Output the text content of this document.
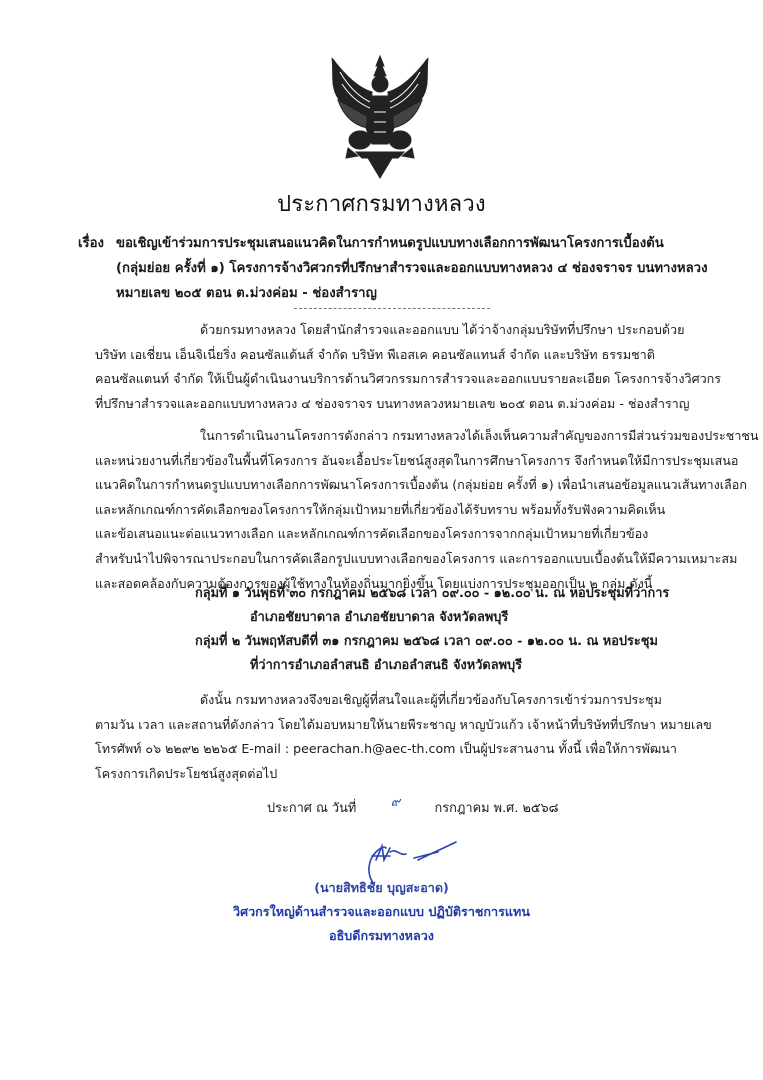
ประกาศกรมทางหลวง
เรื่อง ขอเชิญเข้าร่วมการประชุมเสนอแนวคิดในการกำหนดรูปแบบทางเลือกการพัฒนาโครงการเบื้องต้น
(กลุ่มย่อย ครั้งที่ ๑) โครงการจ้างวิศวกรที่ปรึกษาสำรวจและออกแบบทางหลวง ๔ ช่องจราจร บนทางหลวง
หมายเลข ๒๐๕ ตอน ต.ม่วงค่อม - ช่องสำราญ
ด้วยกรมทางหลวง โดยสำนักสำรวจและออกแบบ ได้ว่าจ้างกลุ่มบริษัทที่ปรึกษา ประกอบด้วย
บริษัท เอเชี่ยน เอ็นจิเนี่ยริ่ง คอนซัลแต้นส์ จำกัด บริษัท พีเอสเค คอนซัลแทนส์ จำกัด และบริษัท ธรรมชาติ
คอนซัลแตนท์ จำกัด ให้เป็นผู้ดำเนินงานบริการด้านวิศวกรรมการสำรวจและออกแบบรายละเอียด โครงการจ้างวิศวกร
ที่ปรึกษาสำรวจและออกแบบทางหลวง ๔ ช่องจราจร บนทางหลวงหมายเลข ๒๐๕ ตอน ต.ม่วงค่อม - ช่องสำราญ
ในการดำเนินงานโครงการดังกล่าว กรมทางหลวงได้เล็งเห็นความสำคัญของการมีส่วนร่วมของประชาชน
และหน่วยงานที่เกี่ยวข้องในพื้นที่โครงการ อันจะเอื้อประโยชน์สูงสุดในการศึกษาโครงการ จึงกำหนดให้มีการประชุมเสนอ
แนวคิดในการกำหนดรูปแบบทางเลือกการพัฒนาโครงการเบื้องต้น (กลุ่มย่อย ครั้งที่ ๑) เพื่อนำเสนอข้อมูลแนวเส้นทางเลือก
และหลักเกณฑ์การคัดเลือกของโครงการให้กลุ่มเป้าหมายที่เกี่ยวข้องได้รับทราบ พร้อมทั้งรับฟังความคิดเห็น
และข้อเสนอแนะต่อแนวทางเลือก และหลักเกณฑ์การคัดเลือกของโครงการจากกลุ่มเป้าหมายที่เกี่ยวข้อง
สำหรับนำไปพิจารณาประกอบในการคัดเลือกรูปแบบทางเลือกของโครงการ และการออกแบบเบื้องต้นให้มีความเหมาะสม
และสอดคล้องกับความต้องการของผู้ใช้ทางในท้องถิ่นมากยิ่งขึ้น โดยแบ่งการประชุมออกเป็น ๒ กลุ่ม ดังนี้
กลุ่มที่ ๑ วันพุธที่ ๓๐ กรกฎาคม ๒๕๖๘ เวลา ๐๙.๐๐ - ๑๒.๐๐ น. ณ หอประชุมที่ว่าการ
อำเภอชัยบาดาล อำเภอชัยบาดาล จังหวัดลพบุรี
กลุ่มที่ ๒ วันพฤหัสบดีที่ ๓๑ กรกฎาคม ๒๕๖๘ เวลา ๐๙.๐๐ - ๑๒.๐๐ น. ณ หอประชุม
ที่ว่าการอำเภอลำสนธิ อำเภอลำสนธิ จังหวัดลพบุรี
ดังนั้น กรมทางหลวงจึงขอเชิญผู้ที่สนใจและผู้ที่เกี่ยวข้องกับโครงการเข้าร่วมการประชุม
ตามวัน เวลา และสถานที่ดังกล่าว โดยได้มอบหมายให้นายพีระชาญ หาญบัวแก้ว เจ้าหน้าที่บริษัทที่ปรึกษา หมายเลข
โทรศัพท์ ๐๖ ๒๒๙๒ ๒๒๖๕ E-mail : peerachan.h@aec-th.com เป็นผู้ประสานงาน ทั้งนี้ เพื่อให้การพัฒนา
โครงการเกิดประโยชน์สูงสุดต่อไป
ประกาศ ณ วันที่	๙	กรกฎาคม พ.ศ. ๒๕๖๘
(นายสิทธิชัย บุญสะอาด)
วิศวกรใหญ่ด้านสำรวจและออกแบบ ปฏิบัติราชการแทน
อธิบดีกรมทางหลวง
